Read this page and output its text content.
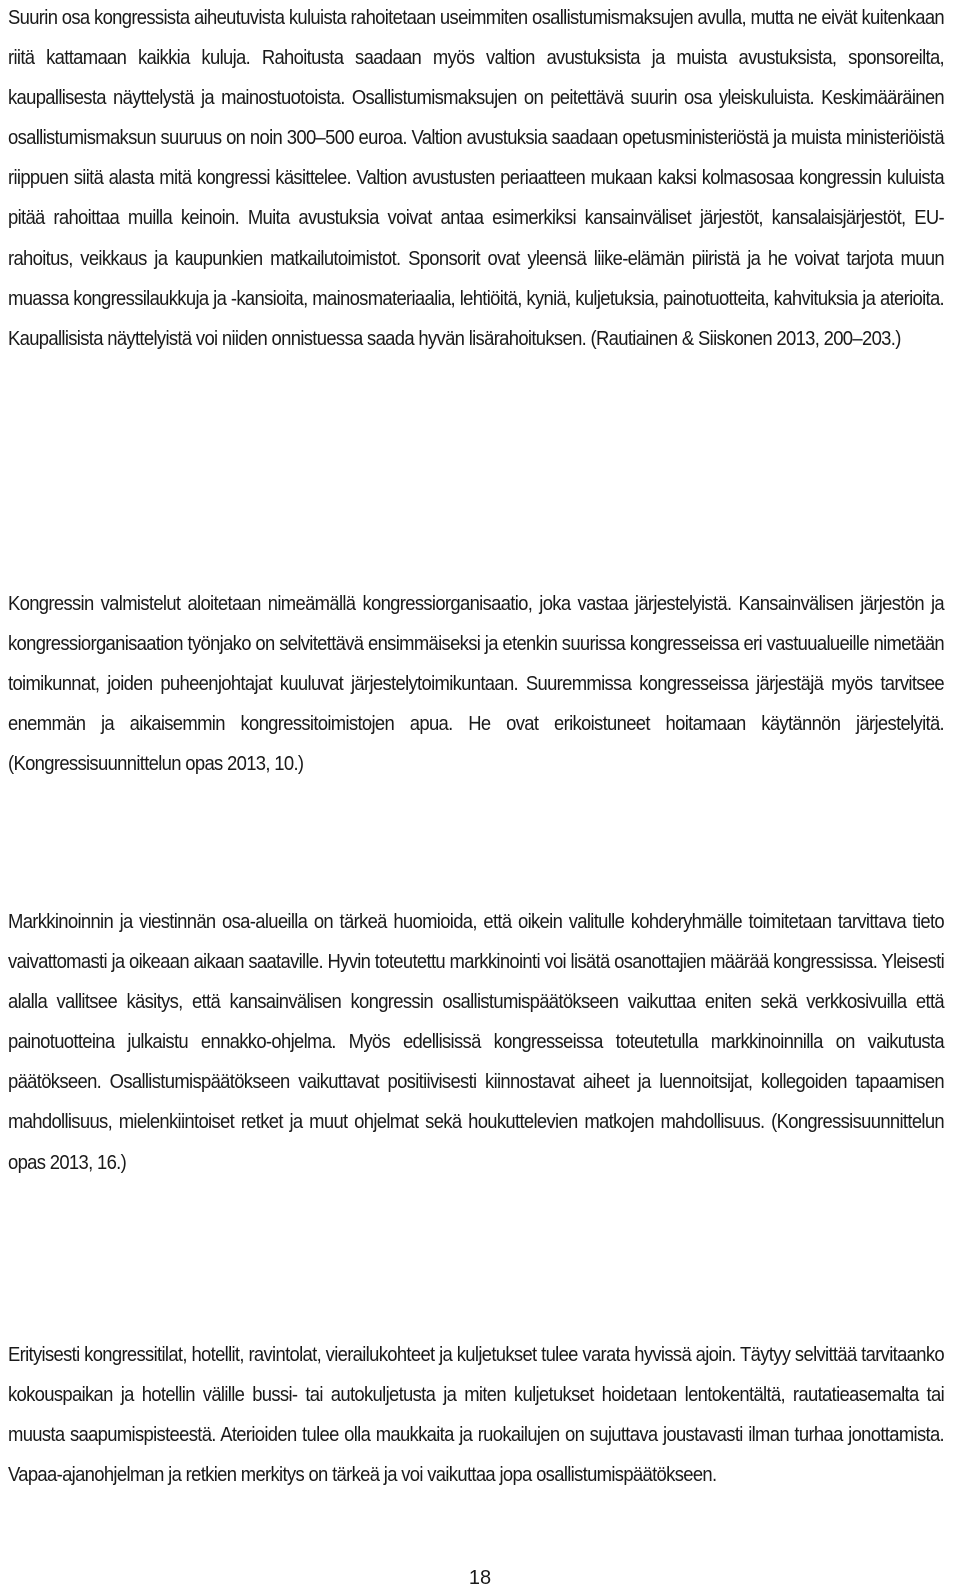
Suurin osa kongressista aiheutuvista kuluista rahoitetaan useimmiten osallistumismaksujen avulla, mutta ne eivät kuitenkaan riitä kattamaan kaikkia kuluja. Rahoitusta saadaan myös valtion avustuksista ja muista avustuksista, sponsoreilta, kaupallisesta näyttelystä ja mainostuotoista. Osallistumismaksujen on peitettävä suurin osa yleiskuluista. Keskimääräinen osallistumismaksun suuruus on noin 300–500 euroa. Valtion avustuksia saadaan opetusministeriöstä ja muista ministeriöistä riippuen siitä alasta mitä kongressi käsittelee. Valtion avustusten periaatteen mukaan kaksi kolmasosaa kongressin kuluista pitää rahoittaa muilla keinoin. Muita avustuksia voivat antaa esimerkiksi kansainväliset järjestöt, kansalaisjärjestöt, EU-rahoitus, veikkaus ja kaupunkien matkailutoimistot. Sponsorit ovat yleensä liike-elämän piiristä ja he voivat tarjota muun muassa kongressilaukkuja ja -kansioita, mainosmateriaalia, lehtiöitä, kyniä, kuljetuksia, painotuotteita, kahvituksia ja aterioita. Kaupallisista näyttelyistä voi niiden onnistuessa saada hyvän lisärahoituksen. (Rautiainen & Siiskonen 2013, 200–203.)

Kongressin valmistelut aloitetaan nimeämällä kongressiorganisaatio, joka vastaa järjestelyistä. Kansainvälisen järjestön ja kongressiorganisaation työnjako on selvitettävä ensimmäiseksi ja etenkin suurissa kongresseissa eri vastuualueille nimetään toimikunnat, joiden puheenjohtajat kuuluvat järjestelytoimikuntaan. Suuremmissa kongresseissa järjestäjä myös tarvitsee enemmän ja aikaisemmin kongressitoimistojen apua. He ovat erikoistuneet hoitamaan käytännön järjestelyitä. (Kongressisuunnittelun opas 2013, 10.)

Markkinoinnin ja viestinnän osa-alueilla on tärkeä huomioida, että oikein valitulle kohderyhmälle toimitetaan tarvittava tieto vaivattomasti ja oikeaan aikaan saataville. Hyvin toteutettu markkinointi voi lisätä osanottajien määrää kongressissa. Yleisesti alalla vallitsee käsitys, että kansainvälisen kongressin osallistumispäätökseen vaikuttaa eniten sekä verkkosivuilla että painotuotteina julkaistu ennakko-ohjelma. Myös edellisissä kongresseissa toteutetulla markkinoinnilla on vaikutusta päätökseen. Osallistumispäätökseen vaikuttavat positiivisesti kiinnostavat aiheet ja luennoitsijat, kollegoiden tapaamisen mahdollisuus, mielenkiintoiset retket ja muut ohjelmat sekä houkuttelevien matkojen mahdollisuus. (Kongressisuunnittelun opas 2013, 16.)

Erityisesti kongressitilat, hotellit, ravintolat, vierailukohteet ja kuljetukset tulee varata hyvissä ajoin. Täytyy selvittää tarvitaanko kokouspaikan ja hotellin välille bussi- tai autokuljetusta ja miten kuljetukset hoidetaan lentokentältä, rautatieasemalta tai muusta saapumispisteestä. Aterioiden tulee olla maukkaita ja ruokailujen on sujuttava joustavasti ilman turhaa jonottamista. Vapaa-ajanohjelman ja retkien merkitys on tärkeä ja voi vaikuttaa jopa osallistumispäätökseen.

18
